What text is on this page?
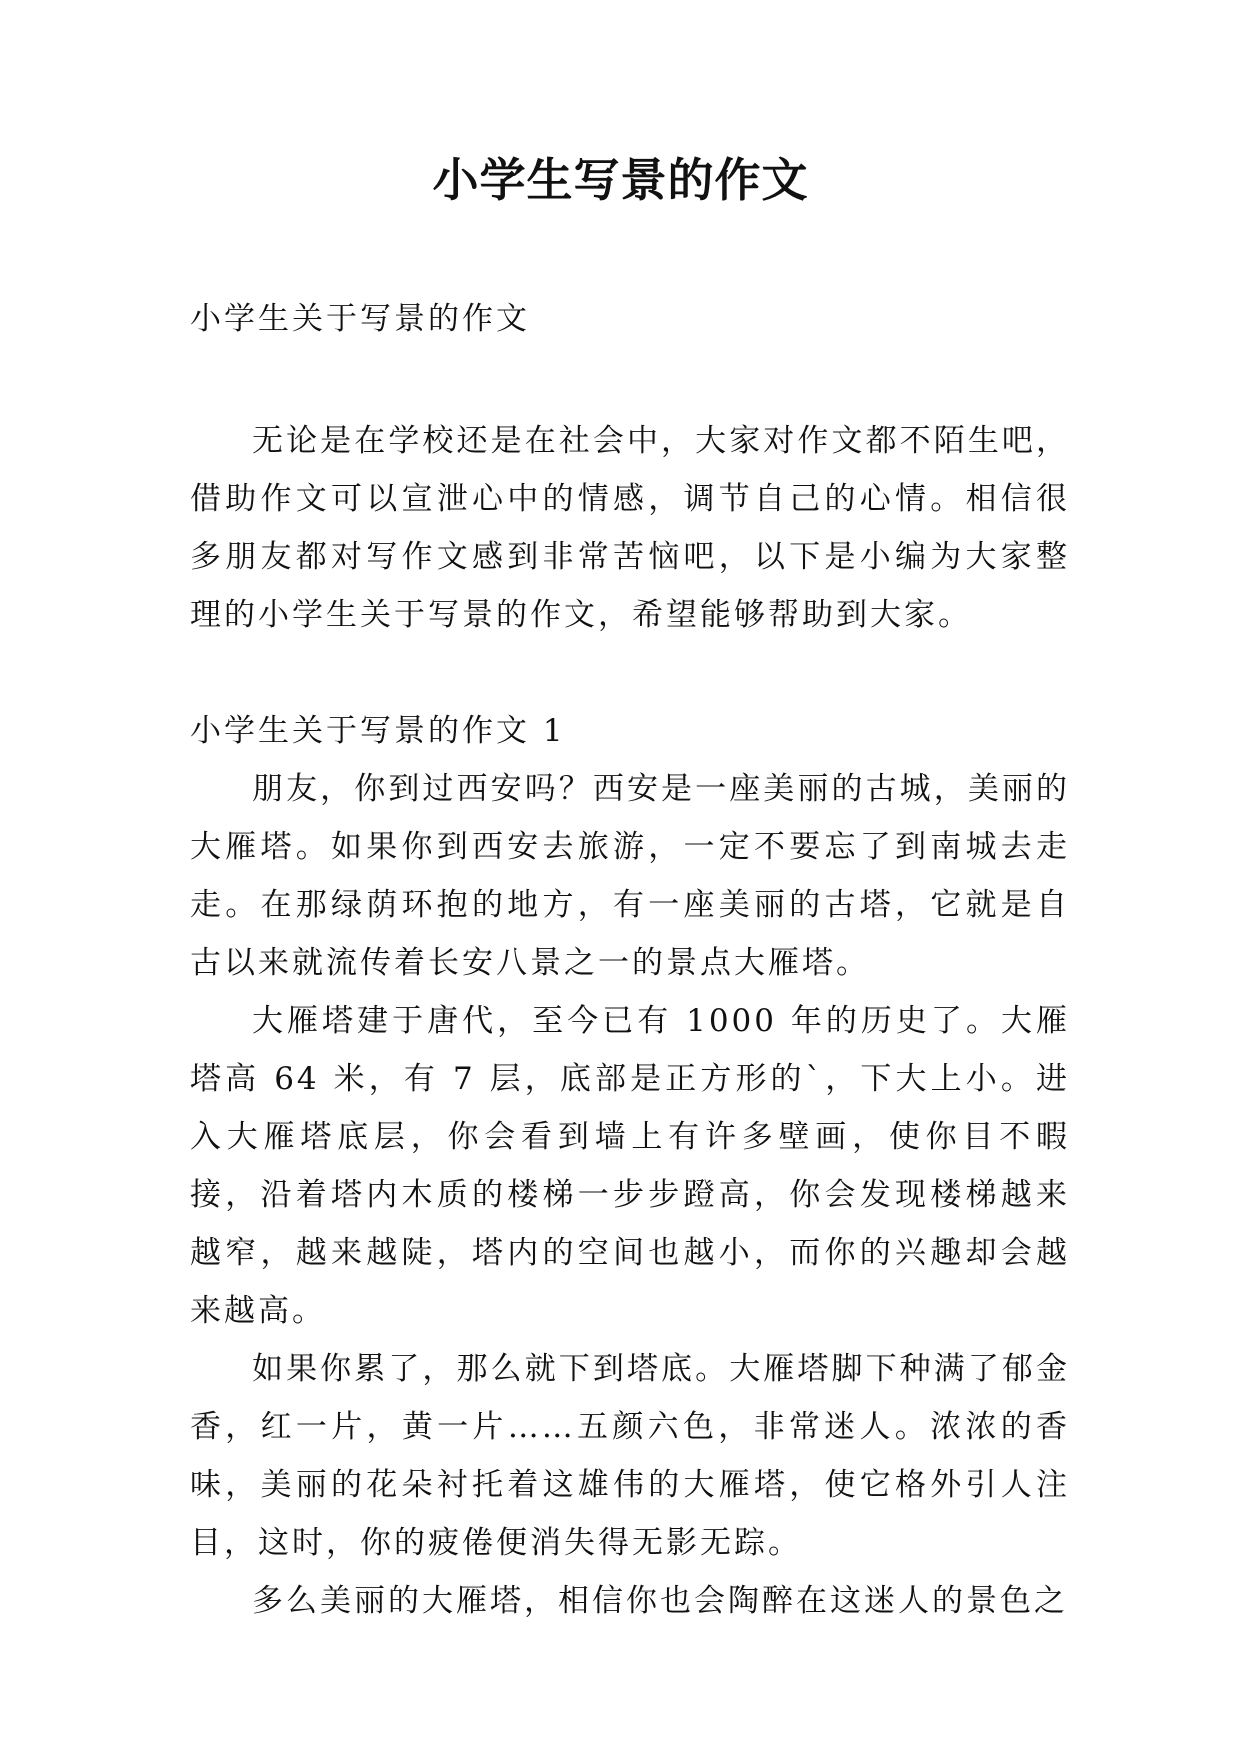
小学生写景的作文
小学生关于写景的作文

无论是在学校还是在社会中，大家对作文都不陌生吧，借助作文可以宣泄心中的情感，调节自己的心情。相信很多朋友都对写作文感到非常苦恼吧，以下是小编为大家整理的小学生关于写景的作文，希望能够帮助到大家。

小学生关于写景的作文 1

朋友，你到过西安吗？西安是一座美丽的古城，美丽的大雁塔。如果你到西安去旅游，一定不要忘了到南城去走走。在那绿荫环抱的地方，有一座美丽的古塔，它就是自古以来就流传着长安八景之一的景点大雁塔。

大雁塔建于唐代，至今已有 1000 年的历史了。大雁塔高 64 米，有 7 层，底部是正方形的`，下大上小。进入大雁塔底层，你会看到墙上有许多壁画，使你目不暇接，沿着塔内木质的楼梯一步步蹬高，你会发现楼梯越来越窄，越来越陡，塔内的空间也越小，而你的兴趣却会越来越高。

如果你累了，那么就下到塔底。大雁塔脚下种满了郁金香，红一片，黄一片……五颜六色，非常迷人。浓浓的香味，美丽的花朵衬托着这雄伟的大雁塔，使它格外引人注目，这时，你的疲倦便消失得无影无踪。

多么美丽的大雁塔，相信你也会陶醉在这迷人的景色之
